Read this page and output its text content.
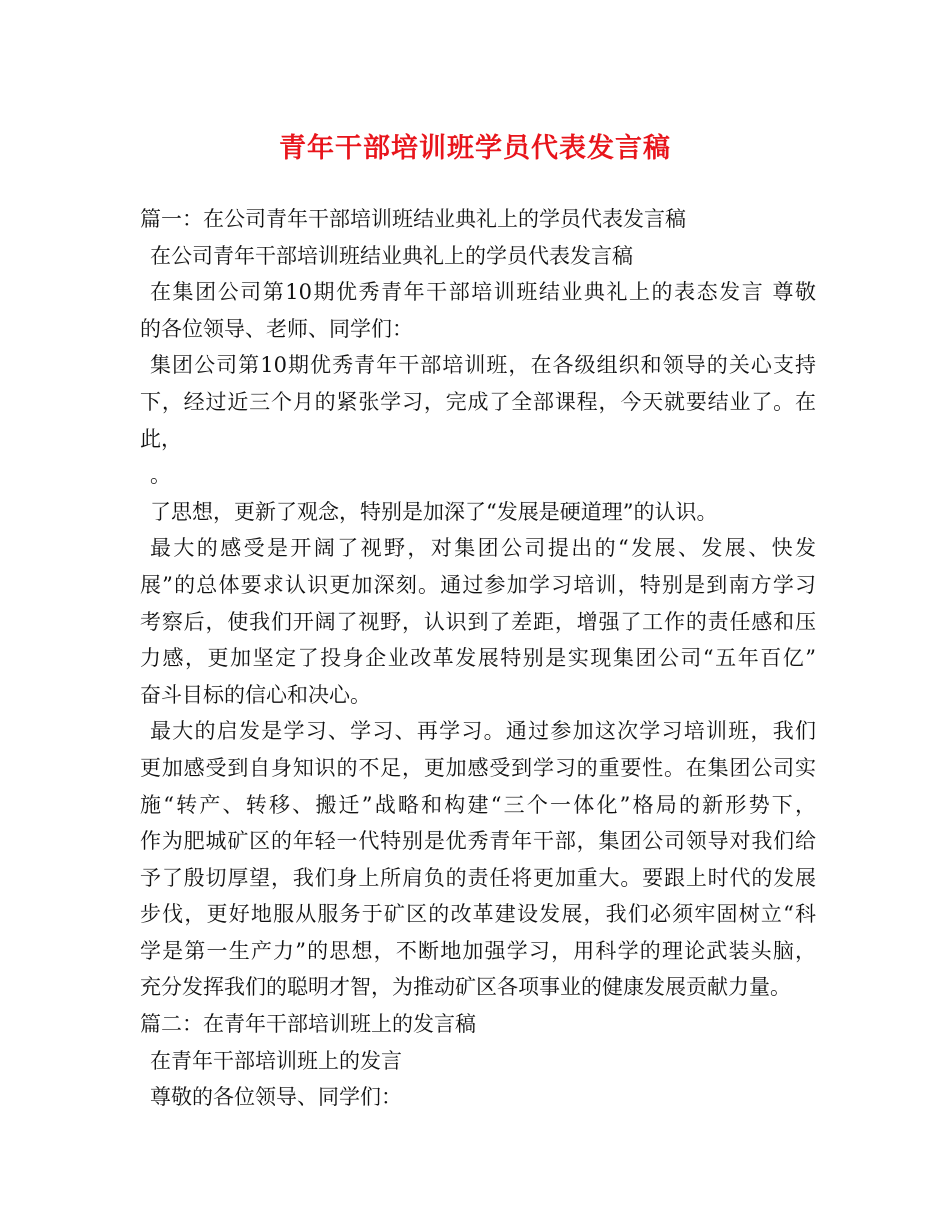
青年干部培训班学员代表发言稿
篇一：在公司青年干部培训班结业典礼上的学员代表发言稿
在公司青年干部培训班结业典礼上的学员代表发言稿
在集团公司第10期优秀青年干部培训班结业典礼上的表态发言 尊敬
的各位领导、老师、同学们：
集团公司第10期优秀青年干部培训班，在各级组织和领导的关心支持
下，经过近三个月的紧张学习，完成了全部课程，今天就要结业了。在
此，
。
了思想，更新了观念，特别是加深了“发展是硬道理”的认识。
最大的感受是开阔了视野，对集团公司提出的“发展、发展、快发
展”的总体要求认识更加深刻。通过参加学习培训，特别是到南方学习
考察后，使我们开阔了视野，认识到了差距，增强了工作的责任感和压
力感，更加坚定了投身企业改革发展特别是实现集团公司“五年百亿”
奋斗目标的信心和决心。
最大的启发是学习、学习、再学习。通过参加这次学习培训班，我们
更加感受到自身知识的不足，更加感受到学习的重要性。在集团公司实
施“转产、转移、搬迁”战略和构建“三个一体化”格局的新形势下，
作为肥城矿区的年轻一代特别是优秀青年干部，集团公司领导对我们给
予了殷切厚望，我们身上所肩负的责任将更加重大。要跟上时代的发展
步伐，更好地服从服务于矿区的改革建设发展，我们必须牢固树立“科
学是第一生产力”的思想，不断地加强学习，用科学的理论武装头脑，
充分发挥我们的聪明才智，为推动矿区各项事业的健康发展贡献力量。
篇二：在青年干部培训班上的发言稿
在青年干部培训班上的发言
尊敬的各位领导、同学们：
